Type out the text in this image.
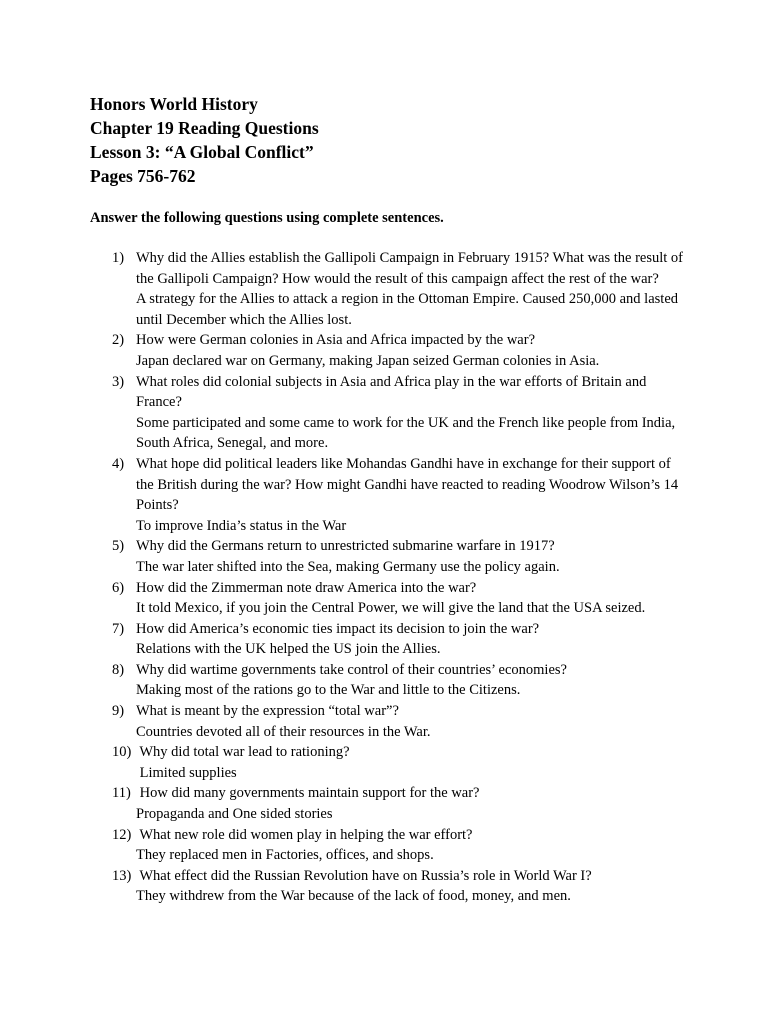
Honors World History
Chapter 19 Reading Questions
Lesson 3: “A Global Conflict”
Pages 756-762
Answer the following questions using complete sentences.
1) Why did the Allies establish the Gallipoli Campaign in February 1915? What was the result of the Gallipoli Campaign? How would the result of this campaign affect the rest of the war?
A strategy for the Allies to attack a region in the Ottoman Empire. Caused 250,000 and lasted until December which the Allies lost.
2) How were German colonies in Asia and Africa impacted by the war?
Japan declared war on Germany, making Japan seized German colonies in Asia.
3) What roles did colonial subjects in Asia and Africa play in the war efforts of Britain and France?
Some participated and some came to work for the UK and the French like people from India, South Africa, Senegal, and more.
4) What hope did political leaders like Mohandas Gandhi have in exchange for their support of the British during the war? How might Gandhi have reacted to reading Woodrow Wilson’s 14 Points?
To improve India’s status in the War
5) Why did the Germans return to unrestricted submarine warfare in 1917?
The war later shifted into the Sea, making Germany use the policy again.
6) How did the Zimmerman note draw America into the war?
It told Mexico, if you join the Central Power, we will give the land that the USA seized.
7) How did America’s economic ties impact its decision to join the war?
Relations with the UK helped the US join the Allies.
8) Why did wartime governments take control of their countries’ economies?
Making most of the rations go to the War and little to the Citizens.
9) What is meant by the expression “total war”?
Countries devoted all of their resources in the War.
10) Why did total war lead to rationing?
Limited supplies
11) How did many governments maintain support for the war?
Propaganda and One sided stories
12) What new role did women play in helping the war effort?
They replaced men in Factories, offices, and shops.
13) What effect did the Russian Revolution have on Russia’s role in World War I?
They withdrew from the War because of the lack of food, money, and men.
